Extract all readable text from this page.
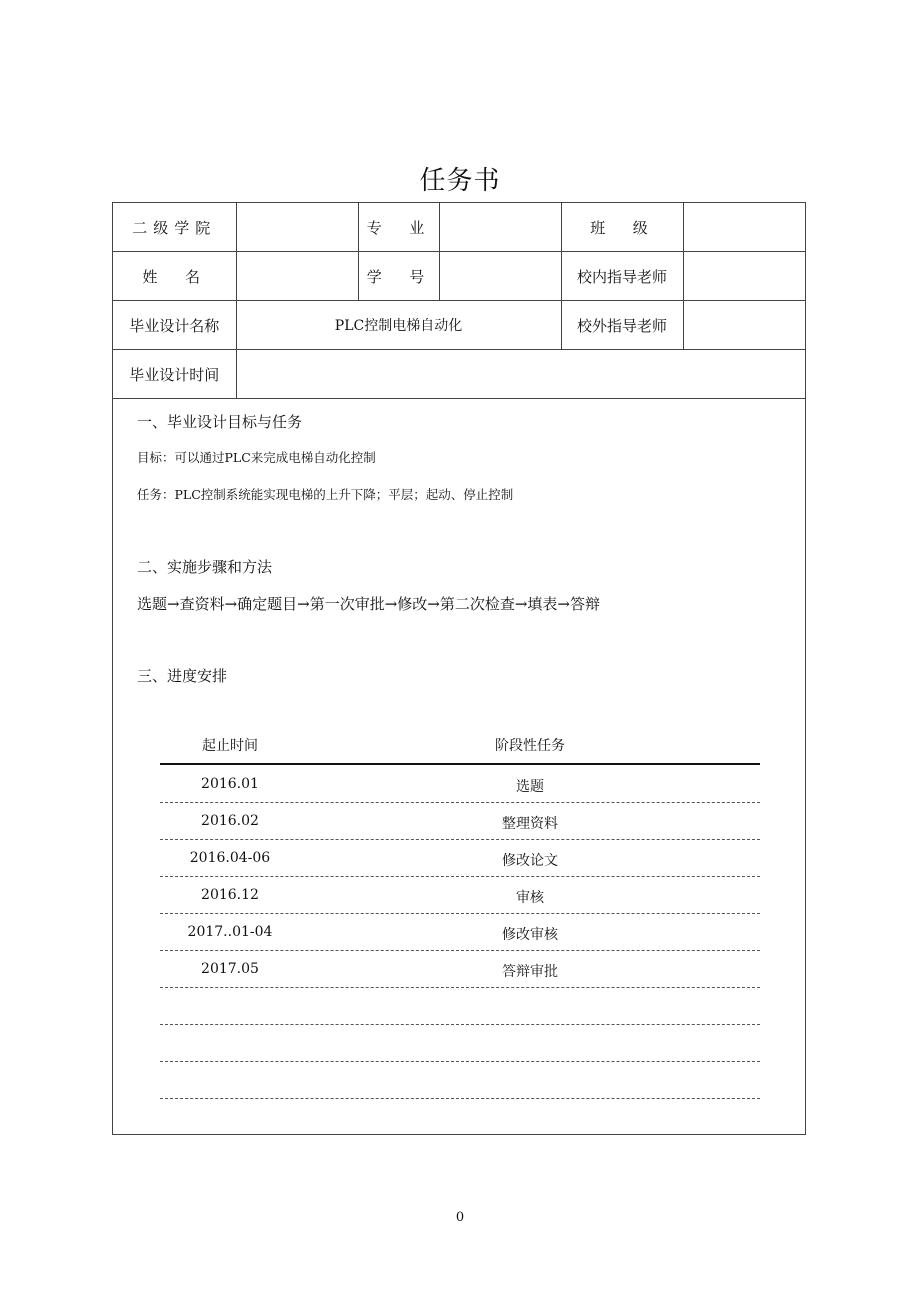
任务书
二级学院		专  业		班  级	
姓  名		学  号		校内指导老师	
毕业设计名称	PLC控制电梯自动化			校外指导老师	
毕业设计时间					
一、毕业设计目标与任务
目标：可以通过PLC来完成电梯自动化控制
任务：PLC控制系统能实现电梯的上升下降；平层；起动、停止控制
二、实施步骤和方法
选题→查资料→确定题目→第一次审批→修改→第二次检查→填表→答辩
三、进度安排
起止时间	阶段性任务
2016.01	选题
2016.02	整理资料
2016.04-06	修改论文
2016.12	审核
2017..01-04	修改审核
2017.05	答辩审批
0
